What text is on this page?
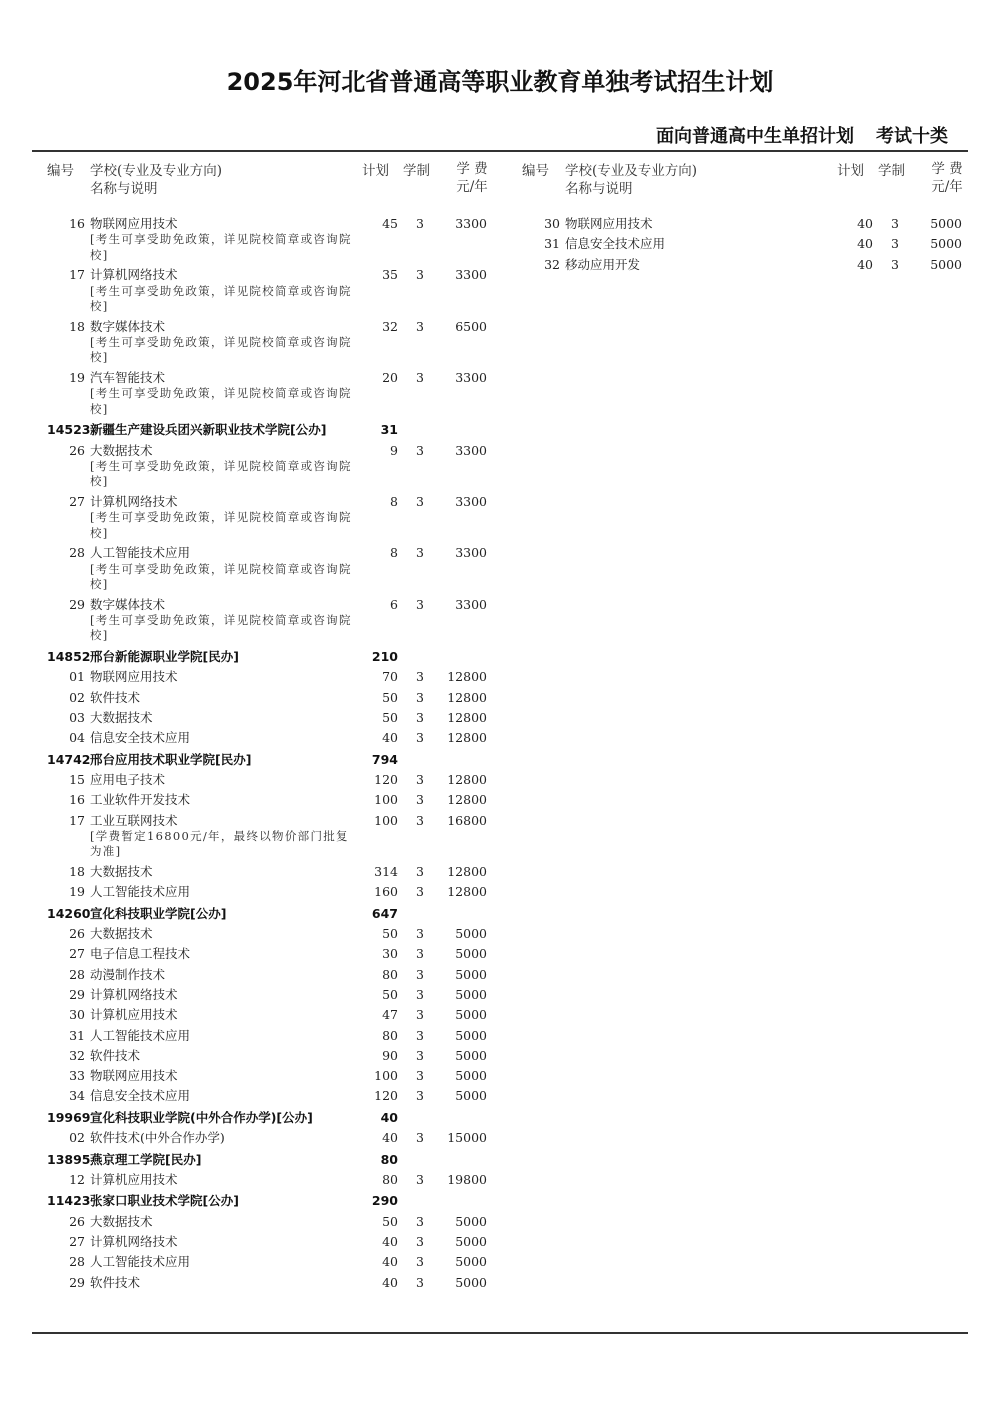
2025年河北省普通高等职业教育单独考试招生计划
面向普通高中生单招计划 考试十类
编号 学校(专业及专业方向)
名称与说明
计划 学制	学 费
元/年
16 物联网应用技术	45	3	3300
[考生可享受助免政策，详见院校简章或咨询院校]
17 计算机网络技术	35	3	3300
[考生可享受助免政策，详见院校简章或咨询院校]
18 数字媒体技术	32	3	6500
[考生可享受助免政策，详见院校简章或咨询院校]
19 汽车智能技术	20	3	3300
[考生可享受助免政策，详见院校简章或咨询院校]
14523 新疆生产建设兵团兴新职业技术学院[公办]	31
26 大数据技术	9	3	3300
[考生可享受助免政策，详见院校简章或咨询院校]
27 计算机网络技术	8	3	3300
[考生可享受助免政策，详见院校简章或咨询院校]
28 人工智能技术应用	8	3	3300
[考生可享受助免政策，详见院校简章或咨询院校]
29 数字媒体技术	6	3	3300
[考生可享受助免政策，详见院校简章或咨询院校]
14852 邢台新能源职业学院[民办]	210
01 物联网应用技术	70	3	12800
02 软件技术	50	3	12800
03 大数据技术	50	3	12800
04 信息安全技术应用	40	3	12800
14742 邢台应用技术职业学院[民办]	794
15 应用电子技术	120	3	12800
16 工业软件开发技术	100	3	12800
17 工业互联网技术	100	3	16800
[学费暂定16800元/年，最终以物价部门批复为准]
18 大数据技术	314	3	12800
19 人工智能技术应用	160	3	12800
14260 宣化科技职业学院[公办]	647
26 大数据技术	50	3	5000
27 电子信息工程技术	30	3	5000
28 动漫制作技术	80	3	5000
29 计算机网络技术	50	3	5000
30 计算机应用技术	47	3	5000
31 人工智能技术应用	80	3	5000
32 软件技术	90	3	5000
33 物联网应用技术	100	3	5000
34 信息安全技术应用	120	3	5000
19969 宣化科技职业学院(中外合作办学)[公办]	40
02 软件技术(中外合作办学)	40	3	15000
13895 燕京理工学院[民办]	80
12 计算机应用技术	80	3	19800
11423 张家口职业技术学院[公办]	290
26 大数据技术	50	3	5000
27 计算机网络技术	40	3	5000
28 人工智能技术应用	40	3	5000
29 软件技术	40	3	5000
编号 学校(专业及专业方向)
名称与说明
计划 学制	学 费
元/年
30 物联网应用技术	40	3	5000
31 信息安全技术应用	40	3	5000
32 移动应用开发	40	3	5000
